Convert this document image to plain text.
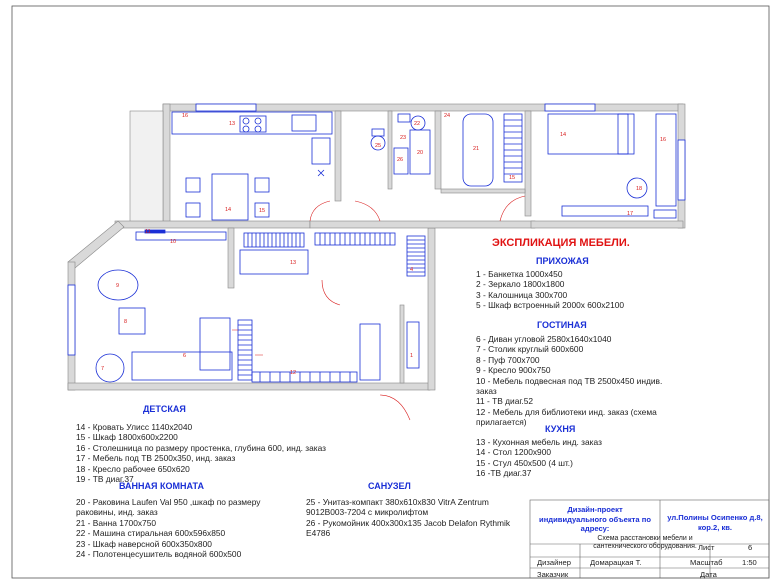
16
13
14	15
10
11
9
8
7
6
12
13
4
1
25
26
20
22
23
24
21
14
16
18
17
15
ЭКСПЛИКАЦИЯ МЕБЕЛИ.
ПРИХОЖАЯ
1 - Банкетка 1000х450
2 - Зеркало 1800х1800
3 - Калошница 300х700
5 - Шкаф встроенный 2000х 600х2100
ГОСТИНАЯ
6 - Диван угловой 2580х1640х1040
7 - Столик круглый 600х600
8 - Пуф 700х700
9 - Кресло 900х750
10 - Мебель подвесная под ТВ 2500х450 индив.
заказ
11 - ТВ диаг.52
12 - Мебель для библиотеки инд. заказ (схема
прилагается)
КУХНЯ
13 - Кухонная мебель инд. заказ
14 - Стол 1200х900
15 - Стул 450х500 (4 шт.)
16 -ТВ диаг.37
ДЕТСКАЯ
14 - Кровать Улисс 1140х2040
15 - Шкаф 1800х600х2200
16 - Столешница по размеру простенка, глубина 600, инд. заказ
17 - Мебель под ТВ 2500х350, инд. заказ
18 - Кресло рабочее 650х620
19 - ТВ диаг.37
ВАННАЯ КОМНАТА
20 - Раковина Laufen Val 950 ,шкаф по размеру
раковины, инд. заказ
21 - Ванна 1700х750
22 - Машина стиральная 600х596х850
23 - Шкаф наверсной 600х350х800
24 - Полотенцесушитель водяной 600х500
САНУЗЕЛ
25 - Унитаз-компакт 380х610х830 VitrA Zentrum
9012B003-7204 с микролифтом
26 - Рукомойник 400х300х135 Jacob Delafon Rythmik
E4786
Дизайн-проект индивидуального объекта по адресу:
ул.Полины Осипенко д.8, кор.2, кв.
Схема расстановки мебели и сантехнического оборудования. Лист	6
Масштаб	1:50
Дизайнер	Домарацкая Т.
Заказчик	Дата
